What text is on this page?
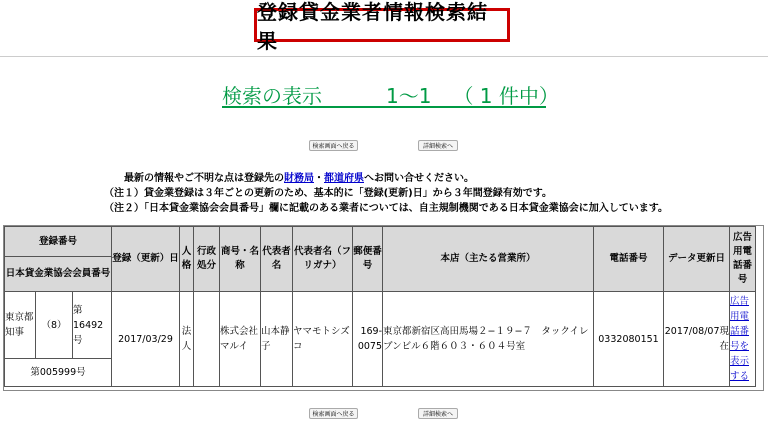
登録貸金業者情報検索結果
検索の表示	1〜1 （ 1 件中）
検索画面へ戻る	詳細検索へ
最新の情報やご不明な点は登録先の財務局・都道府県へお問い合せください。
（注１）貸金業登録は３年ごとの更新のため、基本的に「登録(更新)日」から３年間登録有効です。
（注２）「日本貸金業協会会員番号」欄に記載のある業者については、自主規制機関である日本貸金業協会に加入しています。
登録番号			登録（更新）日	人格	行政処分	商号・名称	代表者名	代表者名（フリガナ）	郵便番号	本店（主たる営業所）	電話番号	データ更新日	広告用電話番号
日本貸金業協会会員番号													
東京都知事	（8）	第16492号	2017/03/29	法人		株式会社マルイ	山本静子	ヤマモトシズコ	169-0075	東京都新宿区高田馬場２−１９−７　タックイレブンビル６階６０３・６０４号室	0332080151	2017/08/07現在	広告用電話番号を表示する
第005999号													
検索画面へ戻る	詳細検索へ
